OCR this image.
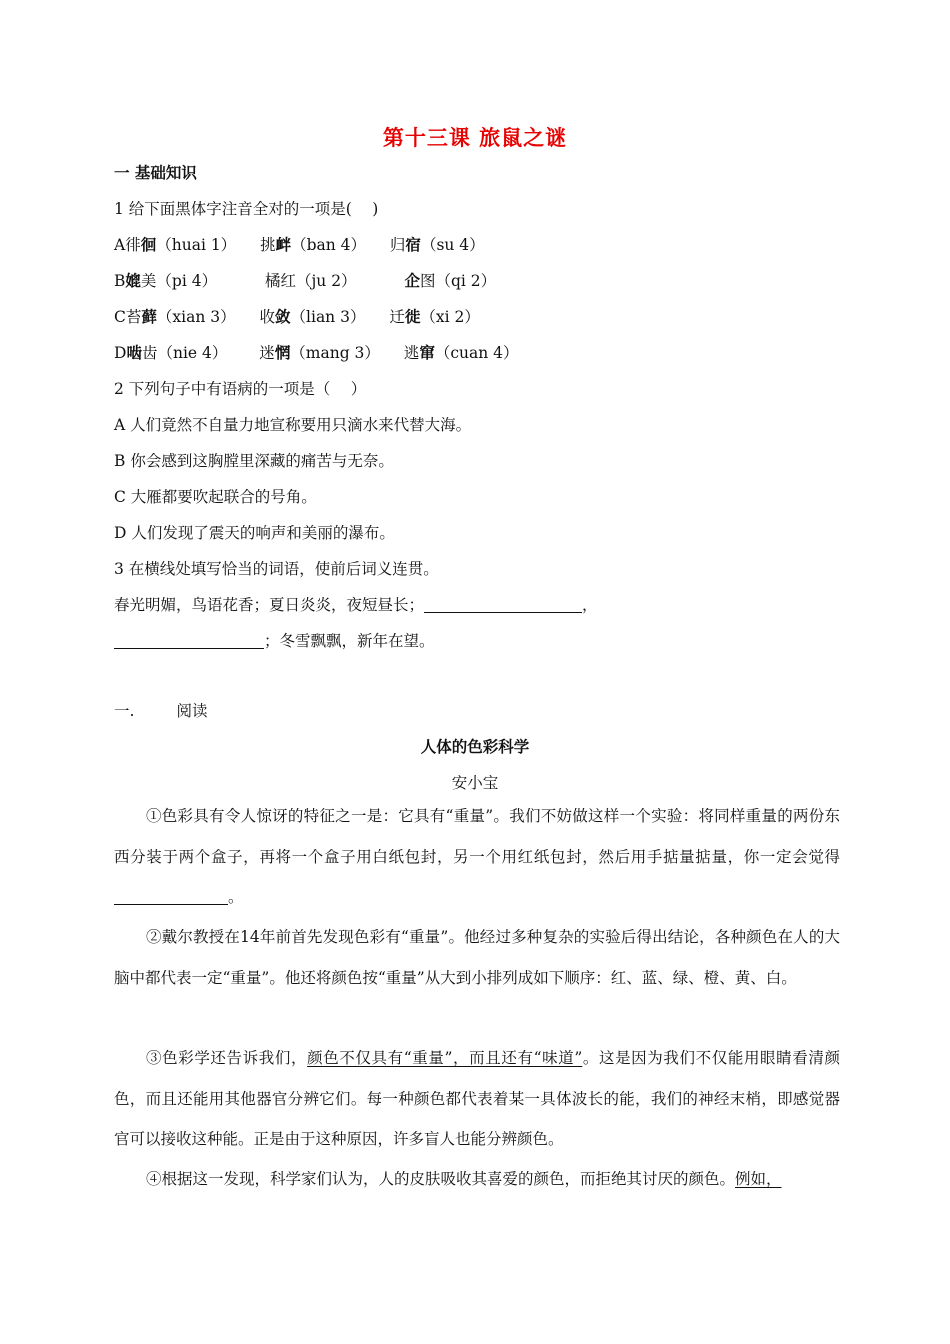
第十三课 旅鼠之谜
一 基础知识
1 给下面黑体字注音全对的一项是(　 )
A徘徊（huai 1） 挑衅（ban 4） 归宿（su 4）
B媲美（pi 4）	橘红（ju 2）	企图（qi 2）
C苔藓（xian 3） 收敛（lian 3） 迁徙（xi 2）
D啮齿（nie 4） 迷惘（mang 3） 逃窜（cuan 4）
2 下列句子中有语病的一项是（　 ）
A 人们竟然不自量力地宣称要用只滴水来代替大海。
B 你会感到这胸膛里深藏的痛苦与无奈。
C 大雁都要吹起联合的号角。
D 人们发现了震天的响声和美丽的瀑布。
3 在横线处填写恰当的词语，使前后词义连贯。
春光明媚，鸟语花香；夏日炎炎，夜短昼长；	，
；冬雪飘飘，新年在望。
一.	阅读
人体的色彩科学
安小宝
①色彩具有令人惊讶的特征之一是：它具有“重量”。我们不妨做这样一个实验：将同样重量的两份东西分装于两个盒子，再将一个盒子用白纸包封，另一个用红纸包封，然后用手掂量掂量，你一定会觉得。
②戴尔教授在14年前首先发现色彩有“重量”。他经过多种复杂的实验后得出结论，各种颜色在人的大脑中都代表一定“重量”。他还将颜色按“重量”从大到小排列成如下顺序：红、蓝、绿、橙、黄、白。
③色彩学还告诉我们，颜色不仅具有“重量”，而且还有“味道”。这是因为我们不仅能用眼睛看清颜色，而且还能用其他器官分辨它们。每一种颜色都代表着某一具体波长的能，我们的神经末梢，即感觉器官可以接收这种能。正是由于这种原因，许多盲人也能分辨颜色。
④根据这一发现，科学家们认为，人的皮肤吸收其喜爱的颜色，而拒绝其讨厌的颜色。例如，
